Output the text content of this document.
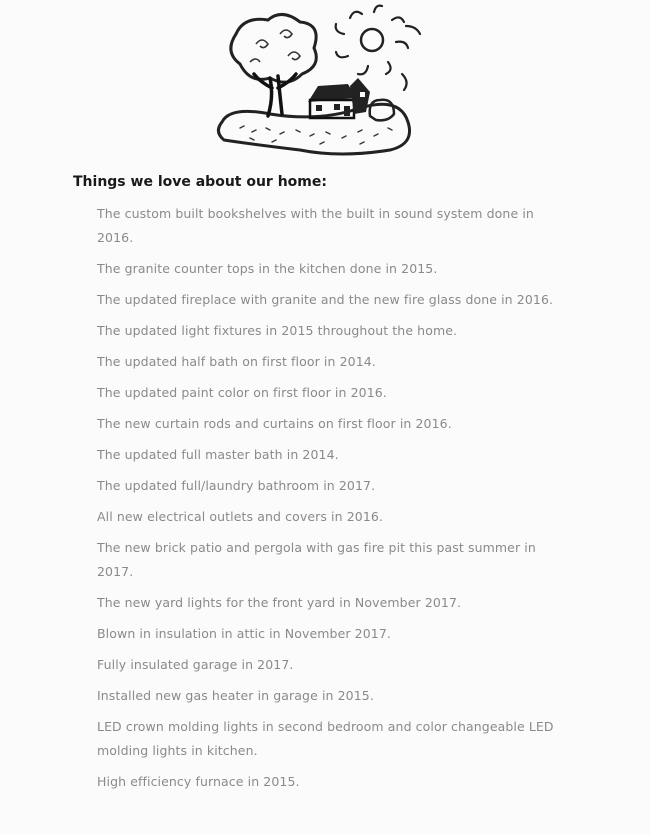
Things we love about our home:
The custom built bookshelves with the built in sound system done in 2016.
The granite counter tops in the kitchen done in 2015.
The updated fireplace with granite and the new fire glass done in 2016.
The updated light fixtures in 2015 throughout the home.
The updated half bath on first floor in 2014.
The updated paint color on first floor in 2016.
The new curtain rods and curtains on first floor in 2016.
The updated full master bath in 2014.
The updated full/laundry bathroom in 2017.
All new electrical outlets and covers in 2016.
The new brick patio and pergola with gas fire pit this past summer in 2017.
The new yard lights for the front yard in November 2017.
Blown in insulation in attic in November 2017.
Fully insulated garage in 2017.
Installed new gas heater in garage in 2015.
LED crown molding lights in second bedroom and color changeable LED molding lights in kitchen.
High efficiency furnace in 2015.
